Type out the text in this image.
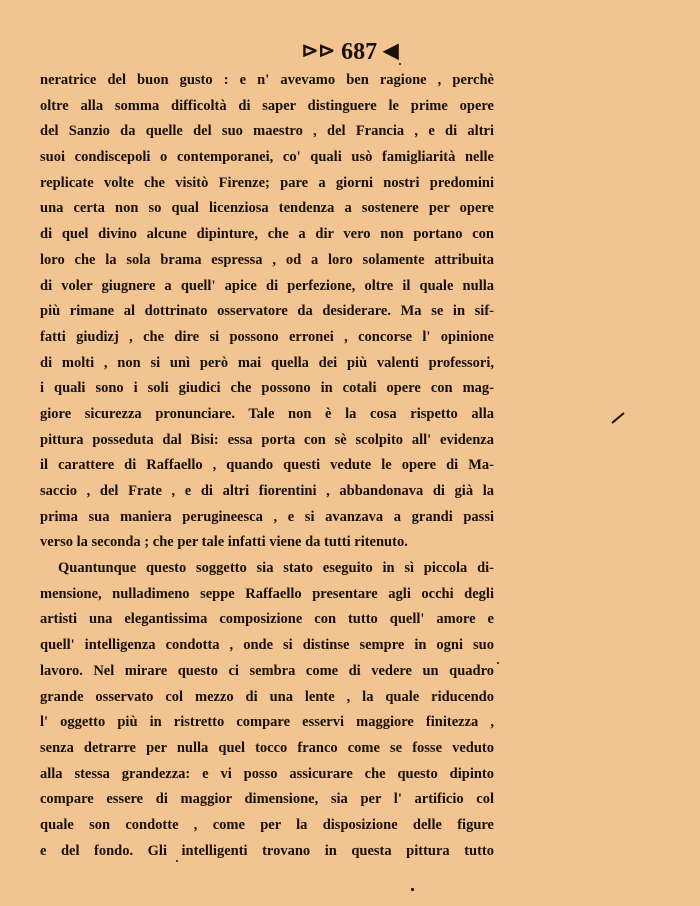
⊳⊳ 687 ◀
neratrice del buon gusto : e n' avevamo ben ragione , perchè
oltre alla somma difficoltà di saper distinguere le prime opere
del Sanzio da quelle del suo maestro , del Francia , e di altri
suoi condiscepoli o contemporanei, co' quali usò famigliarità nelle
replicate volte che visitò Firenze; pare a giorni nostri predomini
una certa non so qual licenziosa tendenza a sostenere per opere
di quel divino alcune dipinture, che a dir vero non portano con
loro che la sola brama espressa , od a loro solamente attribuita
di voler giugnere a quell' apice di perfezione, oltre il quale nulla
più rimane al dottrinato osservatore da desiderare. Ma se in sif-
fatti giudizj , che dire si possono erronei , concorse l' opinione
di molti , non si unì però mai quella dei più valenti professori,
i quali sono i soli giudici che possono in cotali opere con mag-
giore sicurezza pronunciare. Tale non è la cosa rispetto alla
pittura posseduta dal Bisi: essa porta con sè scolpito all' evidenza
il carattere di Raffaello , quando questi vedute le opere di Ma-
saccio , del Frate , e di altri fiorentini , abbandonava di già la
prima sua maniera perugineesca , e si avanzava a grandi passi
verso la seconda ; che per tale infatti viene da tutti ritenuto.
Quantunque questo soggetto sia stato eseguito in sì piccola di-
mensione, nulladimeno seppe Raffaello presentare agli occhi degli
artisti una elegantissima composizione con tutto quell' amore e
quell' intelligenza condotta , onde si distinse sempre in ogni suo
lavoro. Nel mirare questo ci sembra come di vedere un quadro
grande osservato col mezzo di una lente , la quale riducendo
l' oggetto più in ristretto compare esservi maggiore finitezza ,
senza detrarre per nulla quel tocco franco come se fosse veduto
alla stessa grandezza: e vi posso assicurare che questo dipinto
compare essere di maggior dimensione, sia per l' artificio col
quale son condotte , come per la disposizione delle figure
e del fondo. Gli intelligenti trovano in questa pittura tutto
